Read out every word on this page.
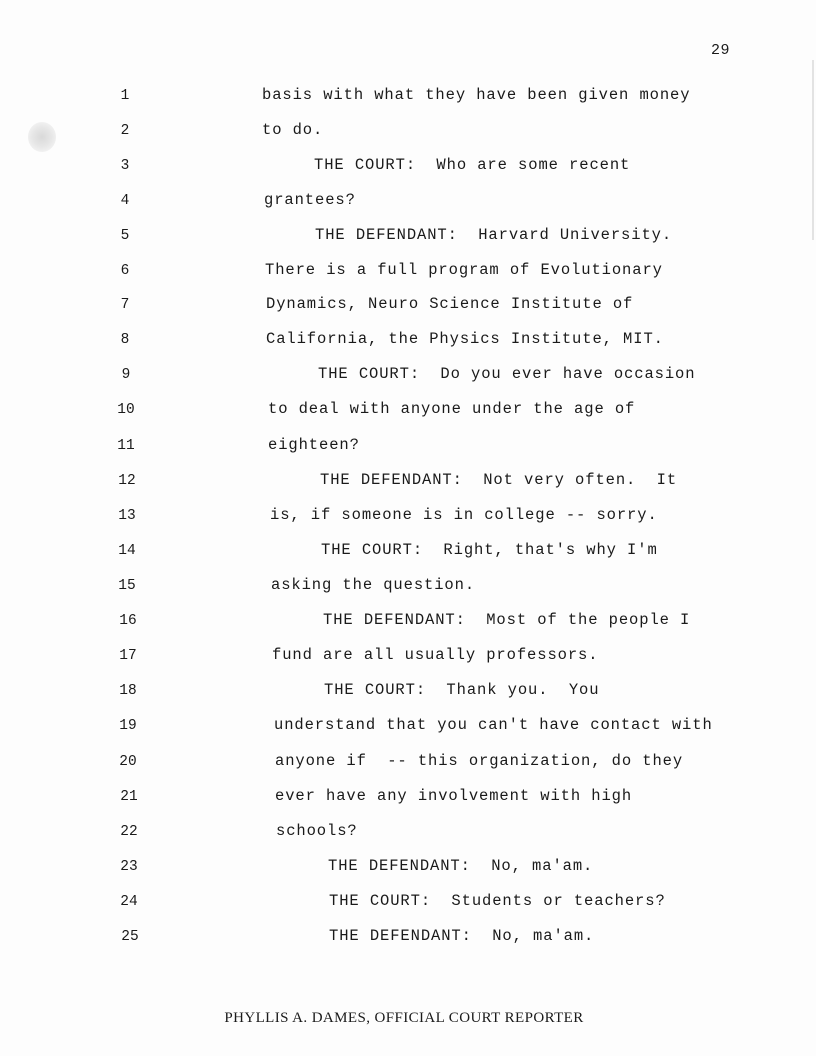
29
1	basis with what they have been given money
2	to do.
3	THE COURT:  Who are some recent
4	grantees?
5	THE DEFENDANT:  Harvard University.
6	There is a full program of Evolutionary
7	Dynamics, Neuro Science Institute of
8	California, the Physics Institute, MIT.
9	THE COURT:  Do you ever have occasion
10	to deal with anyone under the age of
11	eighteen?
12	THE DEFENDANT:  Not very often.  It
13	is, if someone is in college -- sorry.
14	THE COURT:  Right, that's why I'm
15	asking the question.
16	THE DEFENDANT:  Most of the people I
17	fund are all usually professors.
18	THE COURT:  Thank you.  You
19	understand that you can't have contact with
20	anyone if  -- this organization, do they
21	ever have any involvement with high
22	schools?
23	THE DEFENDANT:  No, ma'am.
24	THE COURT:  Students or teachers?
25	THE DEFENDANT:  No, ma'am.
PHYLLIS A. DAMES, OFFICIAL COURT REPORTER
